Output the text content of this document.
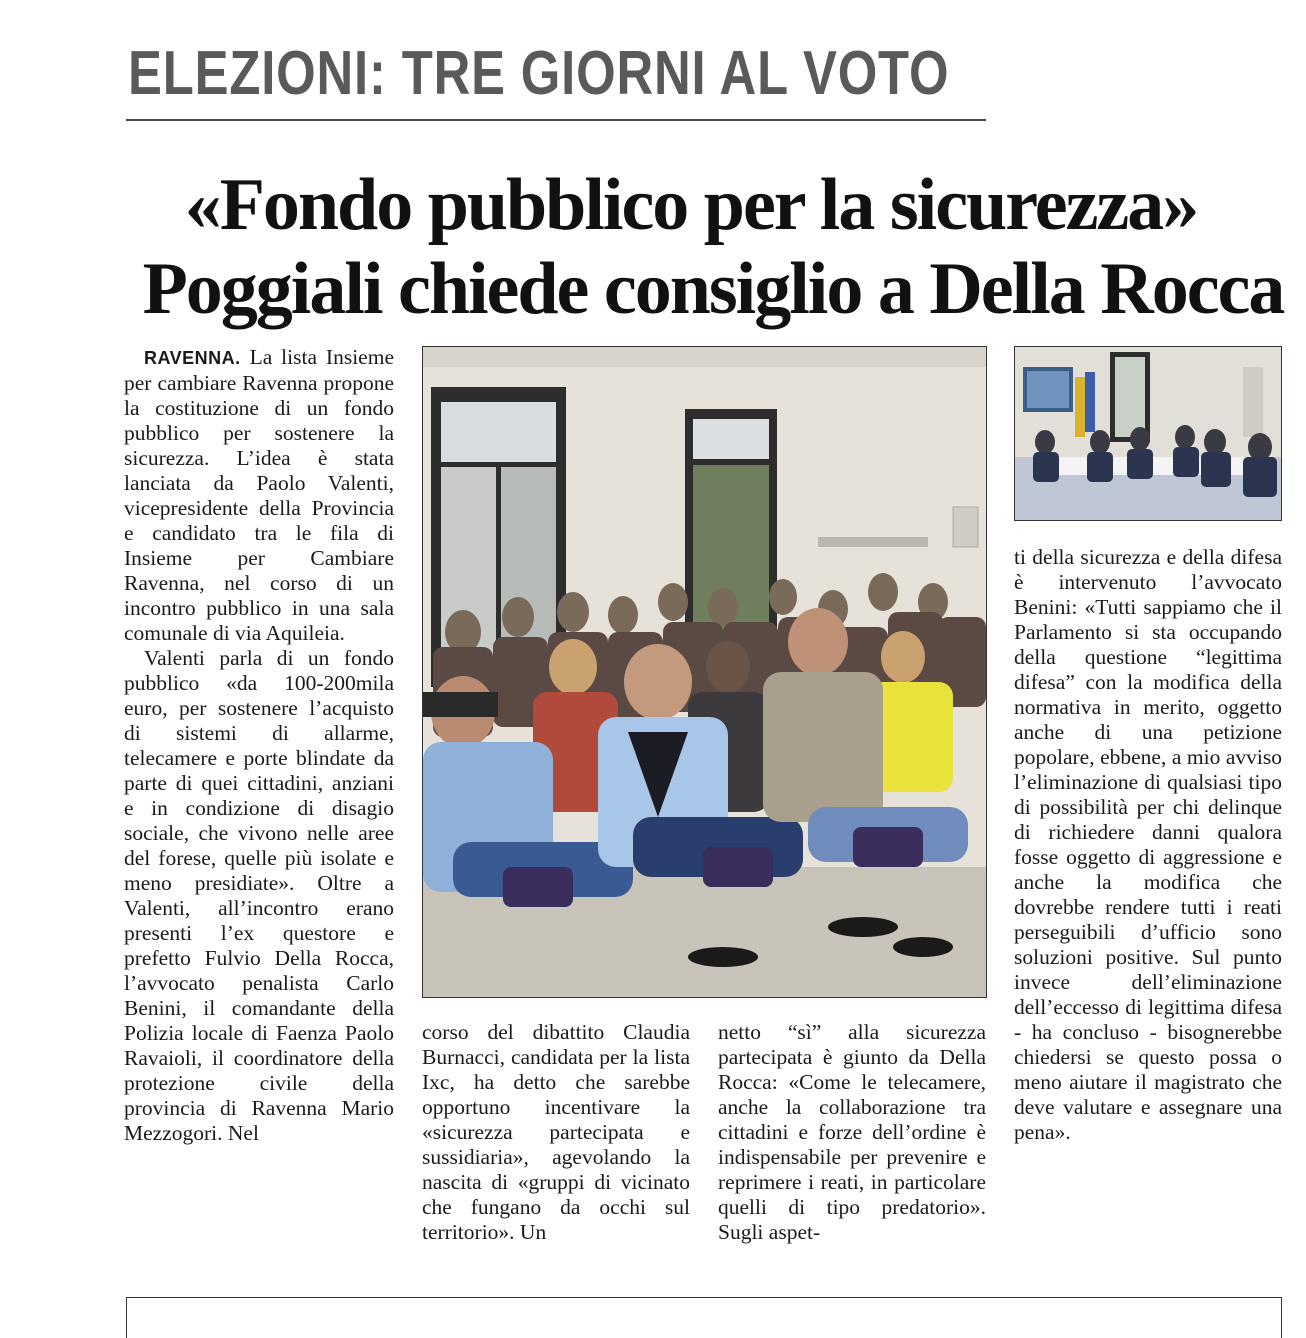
ELEZIONI: TRE GIORNI AL VOTO
«Fondo pubblico per la sicurezza»
Poggiali chiede consiglio a Della Rocca

RAVENNA. La lista Insieme per cambiare Ravenna propone la costituzione di un fondo pubblico per sostenere la sicurezza. L’idea è stata lanciata da Paolo Valenti, vicepresidente della Provincia e candidato tra le fila di Insieme per Cambiare Ravenna, nel corso di un incontro pubblico in una sala comunale di via Aquileia.

Valenti parla di un fondo pubblico «da 100-200mila euro, per sostenere l’acquisto di sistemi di allarme, telecamere e porte blindate da parte di quei cittadini, anziani e in condizione di disagio sociale, che vivono nelle aree del forese, quelle più isolate e meno presidiate». Oltre a Valenti, all’incontro erano presenti l’ex questore e prefetto Fulvio Della Rocca, l’avvocato penalista Carlo Benini, il comandante della Polizia locale di Faenza Paolo Ravaioli, il coordinatore della protezione civile della provincia di Ravenna Mario Mezzogori. Nel

corso del dibattito Claudia Burnacci, candidata per la lista Ixc, ha detto che sarebbe opportuno incentivare la «sicurezza partecipata e sussidiaria», agevolando la nascita di «gruppi di vicinato che fungano da occhi sul territorio». Un

netto “sì” alla sicurezza partecipata è giunto da Della Rocca: «Come le telecamere, anche la collaborazione tra cittadini e forze dell’ordine è indispensabile per prevenire e reprimere i reati, in particolare quelli di tipo predatorio». Sugli aspet-

ti della sicurezza e della difesa è intervenuto l’avvocato Benini: «Tutti sappiamo che il Parlamento si sta occupando della questione “legittima difesa” con la modifica della normativa in merito, oggetto anche di una petizione popolare, ebbene, a mio avviso l’eliminazione di qualsiasi tipo di possibilità per chi delinque di richiedere danni qualora fosse oggetto di aggressione e anche la modifica che dovrebbe rendere tutti i reati perseguibili d’ufficio sono soluzioni positive. Sul punto invece dell’eliminazione dell’eccesso di legittima difesa - ha concluso - bisognerebbe chiedersi se questo possa o meno aiutare il magistrato che deve valutare e assegnare una pena».
